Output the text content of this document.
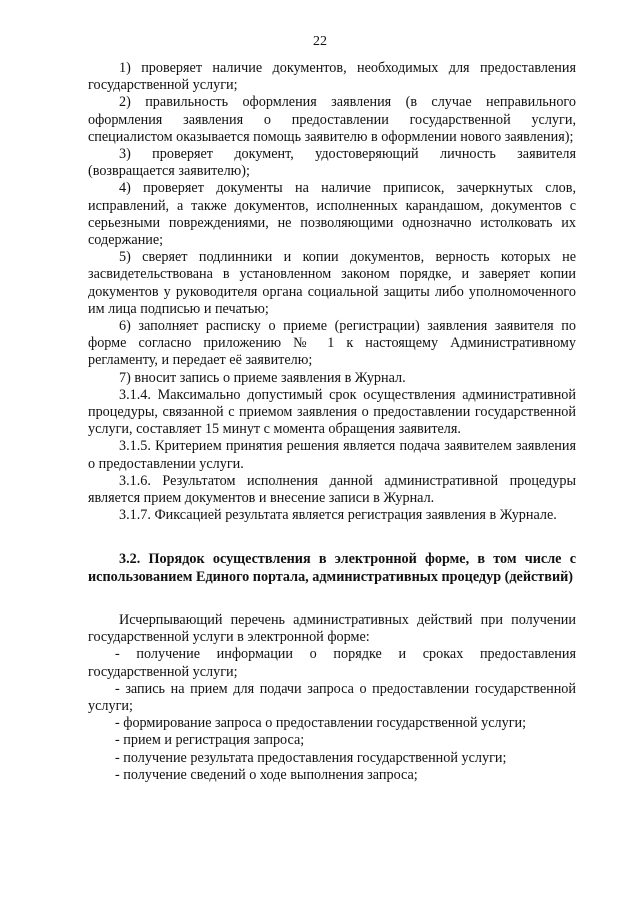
22

1) проверяет наличие документов, необходимых для предоставления государственной услуги;

2) правильность оформления заявления (в случае неправильного оформления заявления о предоставлении государственной услуги, специалистом оказывается помощь заявителю в оформлении нового заявления);

3) проверяет документ, удостоверяющий личность заявителя (возвращается заявителю);

4) проверяет документы на наличие приписок, зачеркнутых слов, исправлений, а также документов, исполненных карандашом, документов с серьезными повреждениями, не позволяющими однозначно истолковать их содержание;

5) сверяет подлинники и копии документов, верность которых не засвидетельствована в установленном законом порядке, и заверяет копии документов у руководителя органа социальной защиты либо уполномоченного им лица подписью и печатью;

6) заполняет расписку о приеме (регистрации) заявления заявителя по форме согласно приложению № 1 к настоящему Административному регламенту, и передает её заявителю;

7) вносит запись о приеме заявления в Журнал.

3.1.4. Максимально допустимый срок осуществления административной процедуры, связанной с приемом заявления о предоставлении государственной услуги, составляет 15 минут с момента обращения заявителя.

3.1.5. Критерием принятия решения является подача заявителем заявления о предоставлении услуги.

3.1.6. Результатом исполнения данной административной процедуры является прием документов и внесение записи в Журнал.

3.1.7. Фиксацией результата является регистрация заявления в Журнале.

3.2. Порядок осуществления в электронной форме, в том числе с использованием Единого портала, административных процедур (действий)

Исчерпывающий перечень административных действий при получении государственной услуги в электронной форме:

- получение информации о порядке и сроках предоставления государственной услуги;

- запись на прием для подачи запроса о предоставлении государственной услуги;

- формирование запроса о предоставлении государственной услуги;

- прием и регистрация запроса;

- получение результата предоставления государственной услуги;

- получение сведений о ходе выполнения запроса;
